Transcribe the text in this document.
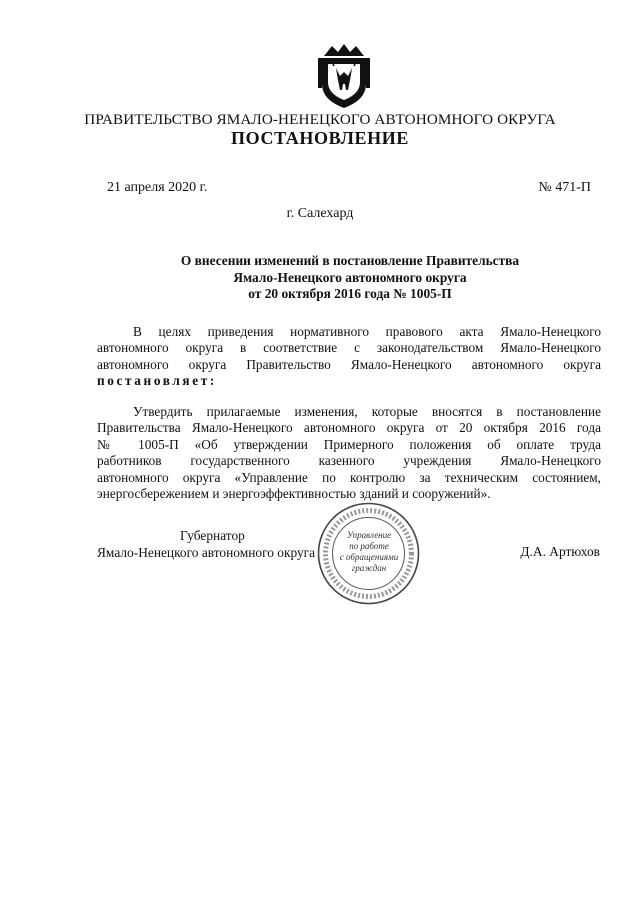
ПРАВИТЕЛЬСТВО ЯМАЛО-НЕНЕЦКОГО АВТОНОМНОГО ОКРУГА
ПОСТАНОВЛЕНИЕ
21 апреля 2020 г.	№ 471-П
г. Салехард
О внесении изменений в постановление Правительства
Ямало-Ненецкого автономного округа
от 20 октября 2016 года № 1005-П
В целях приведения нормативного правового акта Ямало-Ненецкого
автономного округа в соответствие с законодательством Ямало-Ненецкого
автономного округа Правительство Ямало-Ненецкого автономного округа
постановляет:
Утвердить прилагаемые изменения, которые вносятся в постановление
Правительства Ямало-Ненецкого автономного округа от 20 октября 2016 года
№ 1005-П «Об утверждении Примерного положения об оплате труда
работников государственного казенного учреждения Ямало-Ненецкого
автономного округа «Управление по контролю за техническим состоянием,
энергосбережением и энергоэффективностью зданий и сооружений».
Управление
по работе
с обращениями
граждан
Губернатор
Ямало-Ненецкого автономного округа	Д.А. Артюхов
